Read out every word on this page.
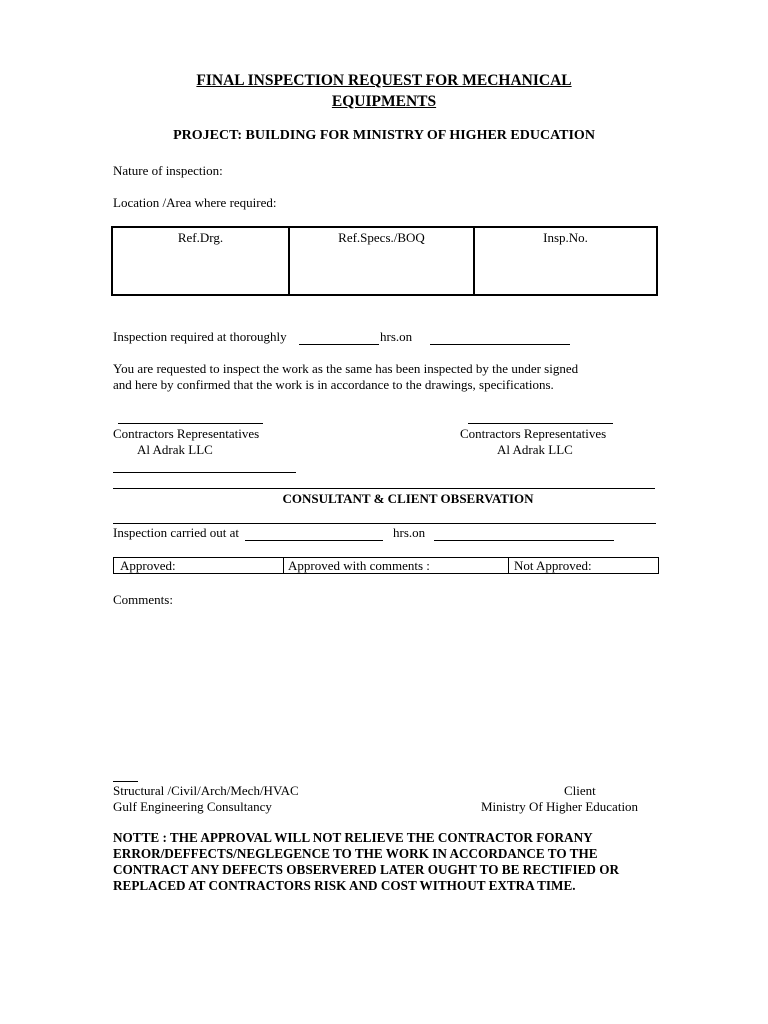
FINAL INSPECTION REQUEST FOR MECHANICAL
EQUIPMENTS
PROJECT: BUILDING FOR MINISTRY OF HIGHER EDUCATION
Nature of inspection:
Location /Area where required:
Ref.Drg.	Ref.Specs./BOQ	Insp.No.
Inspection required at thoroughly	hrs.on
You are requested to inspect the work as the same has been inspected by the under signed
and here by confirmed that the work is in accordance to the drawings, specifications.
Contractors Representatives
Al Adrak LLC
Contractors Representatives
Al Adrak LLC
CONSULTANT & CLIENT OBSERVATION
Inspection carried out at	hrs.on
Approved:	Approved with comments :	Not Approved:
Comments:
Structural /Civil/Arch/Mech/HVAC
Gulf Engineering Consultancy
Client
Ministry Of Higher Education
NOTTE : THE APPROVAL WILL NOT RELIEVE THE CONTRACTOR FORANY
ERROR/DEFFECTS/NEGLEGENCE TO THE WORK IN ACCORDANCE TO THE
CONTRACT ANY DEFECTS OBSERVERED LATER OUGHT TO BE RECTIFIED OR
REPLACED AT CONTRACTORS RISK AND COST WITHOUT EXTRA TIME.
